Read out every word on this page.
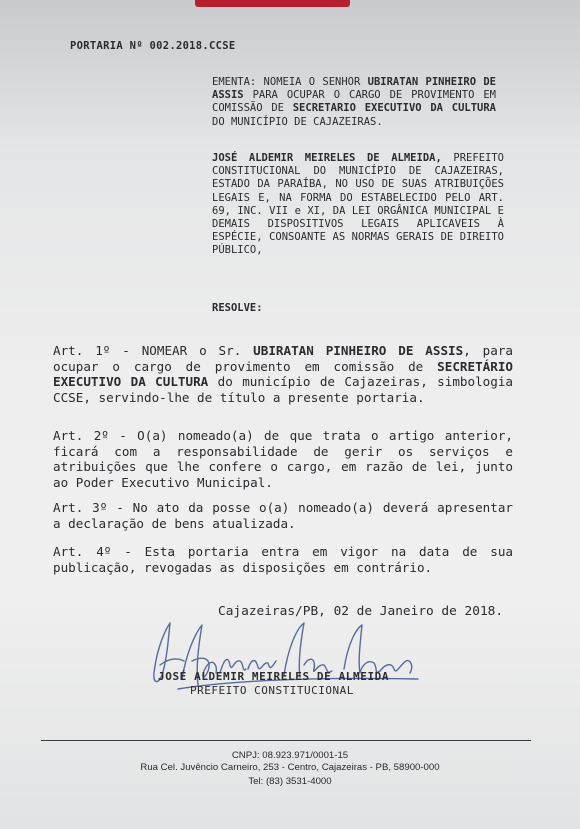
PORTARIA Nº 002.2018.CCSE

EMENTA: NOMEIA O SENHOR UBIRATAN PINHEIRO DE ASSIS PARA OCUPAR O CARGO DE PROVIMENTO EM COMISSÃO DE SECRETARIO EXECUTIVO DA CULTURA DO MUNICÍPIO DE CAJAZEIRAS.

JOSÉ ALDEMIR MEIRELES DE ALMEIDA, PREFEITO CONSTITUCIONAL DO MUNICÍPIO DE CAJAZEIRAS, ESTADO DA PARAÍBA, NO USO DE SUAS ATRIBUIÇÕES LEGAIS E, NA FORMA DO ESTABELECIDO PELO ART. 69, INC. VII e XI, DA LEI ORGÂNICA MUNICIPAL E DEMAIS DISPOSITIVOS LEGAIS APLICAVEIS À ESPÉCIE, CONSOANTE AS NORMAS GERAIS DE DIREITO PÚBLICO,

RESOLVE:

Art. 1º - NOMEAR o Sr. UBIRATAN PINHEIRO DE ASSIS, para ocupar o cargo de provimento em comissão de SECRETÁRIO EXECUTIVO DA CULTURA do município de Cajazeiras, simbologia CCSE, servindo-lhe de título a presente portaria.

Art. 2º - O(a) nomeado(a) de que trata o artigo anterior, ficará com a responsabilidade de gerir os serviços e atribuições que lhe confere o cargo, em razão de lei, junto ao Poder Executivo Municipal.

Art. 3º - No ato da posse o(a) nomeado(a) deverá apresentar a declaração de bens atualizada.

Art. 4º - Esta portaria entra em vigor na data de sua publicação, revogadas as disposições em contrário.

Cajazeiras/PB, 02 de Janeiro de 2018.

JOSÉ ALDEMIR MEIRELES DE ALMEIDA

PREFEITO CONSTITUCIONAL

CNPJ: 08.923.971/0001-15

Rua Cel. Juvêncio Carneiro, 253 - Centro, Cajazeiras - PB, 58900-000

Tel: (83) 3531-4000
